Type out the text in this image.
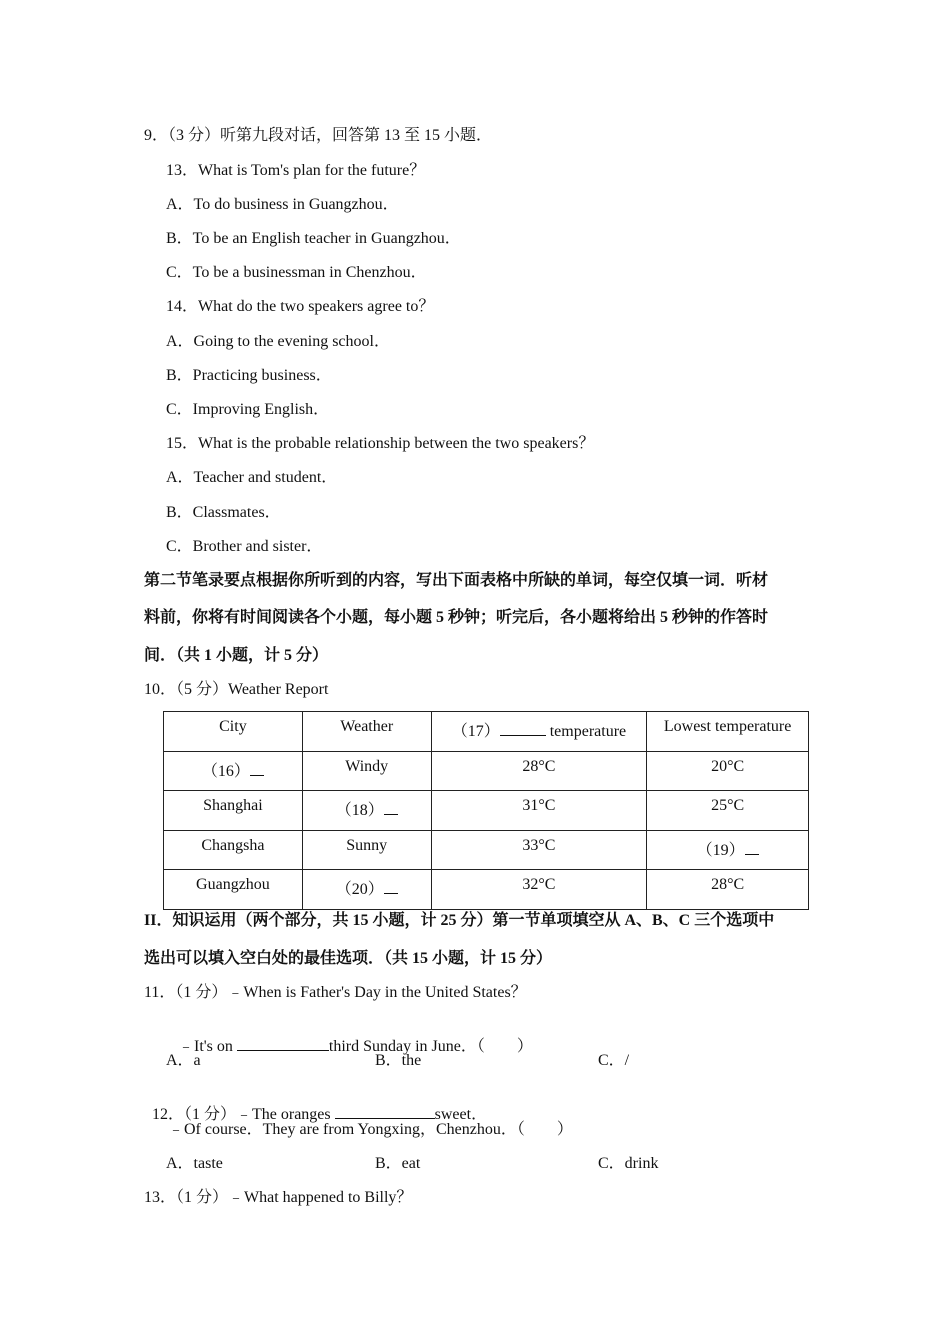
9．（3 分）听第九段对话，回答第 13 至 15 小题．
13．What is Tom's plan for the future？
A．To do business in Guangzhou．
B．To be an English teacher in Guangzhou．
C．To be a businessman in Chenzhou．
14．What do the two speakers agree to？
A．Going to the evening school．
B．Practicing business．
C．Improving English．
15．What is the probable relationship between the two speakers？
A．Teacher and student．
B．Classmates．
C．Brother and sister．
第二节笔录要点根据你所听到的内容，写出下面表格中所缺的单词，每空仅填一词．听材
料前，你将有时间阅读各个小题，每小题 5 秒钟；听完后，各小题将给出 5 秒钟的作答时
间．（共 1 小题，计 5 分）
10．（5 分）Weather Report
City	Weather	（17） temperature	Lowest temperature
（16）	Windy	28°C	20°C
Shanghai	（18）	31°C	25°C
Changsha	Sunny	33°C	（19）
Guangzhou	（20）	32°C	28°C
II．知识运用（两个部分，共 15 小题，计 25 分）第一节单项填空从 A、B、C 三个选项中
选出可以填入空白处的最佳选项．（共 15 小题，计 15 分）
11．（1 分）﹣When is Father's Day in the United States？

﹣It's on	third Sunday in June．（　　）

A．a	B．the	C．/

12．（1 分）﹣The oranges	sweet．

﹣Of course．They are from Yongxing，Chenzhou．（　　）
A．taste	B．eat	C．drink
13．（1 分）﹣What happened to Billy？
